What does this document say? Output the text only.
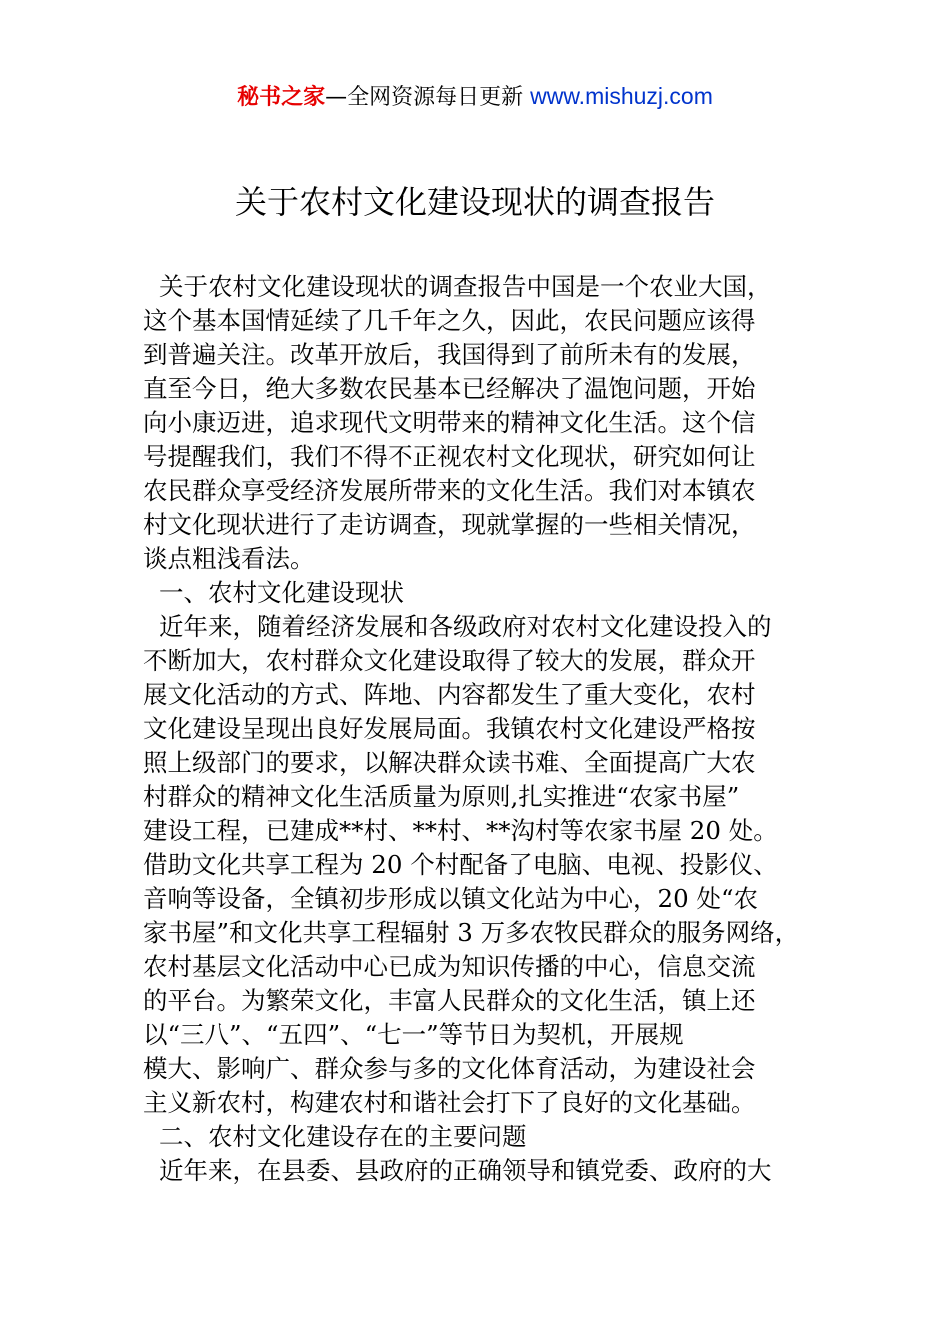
秘书之家—全网资源每日更新 www.mishuzj.com
关于农村文化建设现状的调查报告
关于农村文化建设现状的调查报告中国是一个农业大国，
这个基本国情延续了几千年之久，因此，农民问题应该得
到普遍关注。改革开放后，我国得到了前所未有的发展，
直至今日，绝大多数农民基本已经解决了温饱问题，开始
向小康迈进，追求现代文明带来的精神文化生活。这个信
号提醒我们，我们不得不正视农村文化现状，研究如何让
农民群众享受经济发展所带来的文化生活。我们对本镇农
村文化现状进行了走访调查，现就掌握的一些相关情况，
谈点粗浅看法。
一、农村文化建设现状
近年来，随着经济发展和各级政府对农村文化建设投入的
不断加大，农村群众文化建设取得了较大的发展，群众开
展文化活动的方式、阵地、内容都发生了重大变化，农村
文化建设呈现出良好发展局面。我镇农村文化建设严格按
照上级部门的要求，以解决群众读书难、全面提高广大农
村群众的精神文化生活质量为原则,扎实推进“农家书屋”
建设工程，已建成**村、**村、**沟村等农家书屋 20 处。
借助文化共享工程为 20 个村配备了电脑、电视、投影仪、
音响等设备，全镇初步形成以镇文化站为中心，20 处“农
家书屋”和文化共享工程辐射 3 万多农牧民群众的服务网络，
农村基层文化活动中心已成为知识传播的中心，信息交流
的平台。为繁荣文化，丰富人民群众的文化生活，镇上还
以“三八”、“五四”、“七一”等节日为契机，开展规
模大、影响广、群众参与多的文化体育活动，为建设社会
主义新农村，构建农村和谐社会打下了良好的文化基础。
二、农村文化建设存在的主要问题
近年来，在县委、县政府的正确领导和镇党委、政府的大
